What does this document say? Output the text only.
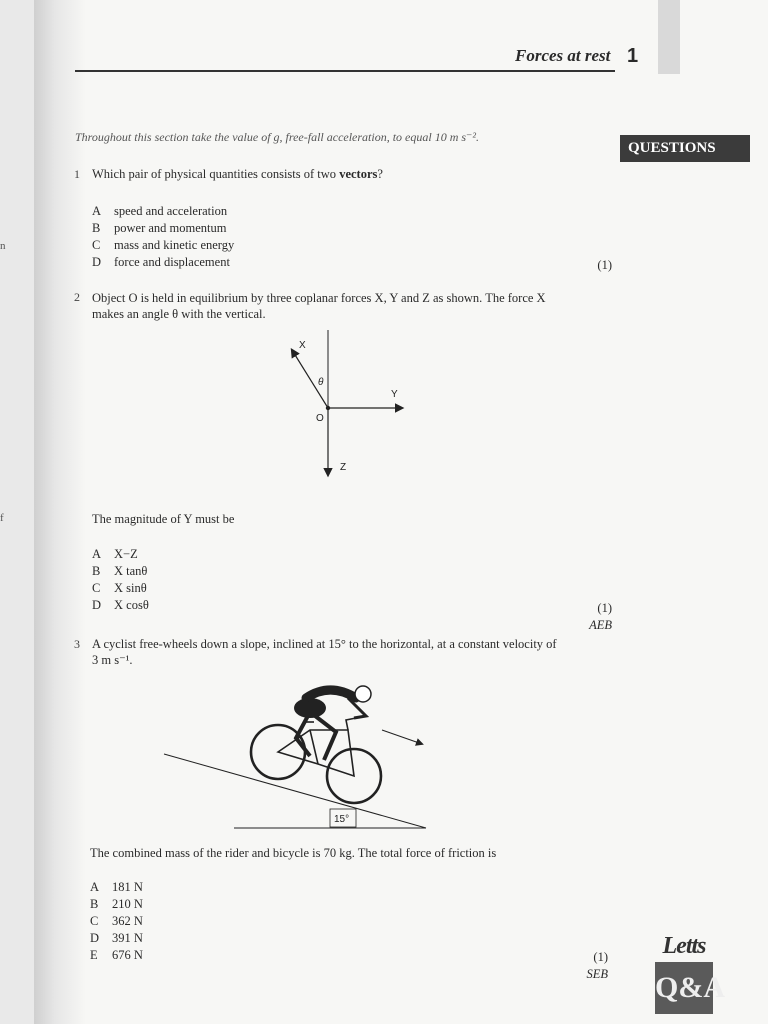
n
f
Forces at rest 1
Throughout this section take the value of g, free-fall acceleration, to equal 10 m s⁻².
QUESTIONS
1 Which pair of physical quantities consists of two vectors?
A speed and acceleration
B power and momentum
C mass and kinetic energy
D force and displacement	(1)
2 Object O is held in equilibrium by three coplanar forces X, Y and Z as shown. The force X
makes an angle θ with the vertical.
X
Y
Z
O
θ
The magnitude of Y must be
A X−Z
B X tanθ
C X sinθ
D X cosθ	(1)
AEB
3 A cyclist free-wheels down a slope, inclined at 15° to the horizontal, at a constant velocity of
3 m s⁻¹.
15°
The combined mass of the rider and bicycle is 70 kg. The total force of friction is
A 181 N
B 210 N
C 362 N
D 391 N
E 676 N	(1)
SEB
Letts
Q&A
